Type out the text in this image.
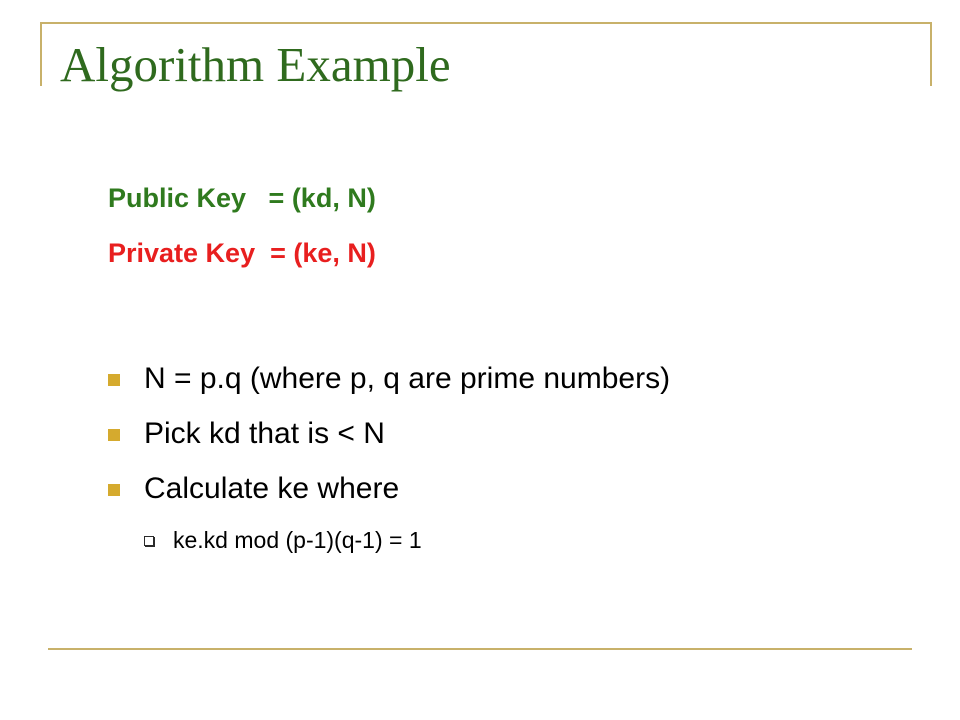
Algorithm Example
Public Key   = (kd, N)
Private Key  = (ke, N)
N = p.q (where p, q are prime numbers)
Pick kd that is < N
Calculate ke where
ke.kd mod (p-1)(q-1) = 1
